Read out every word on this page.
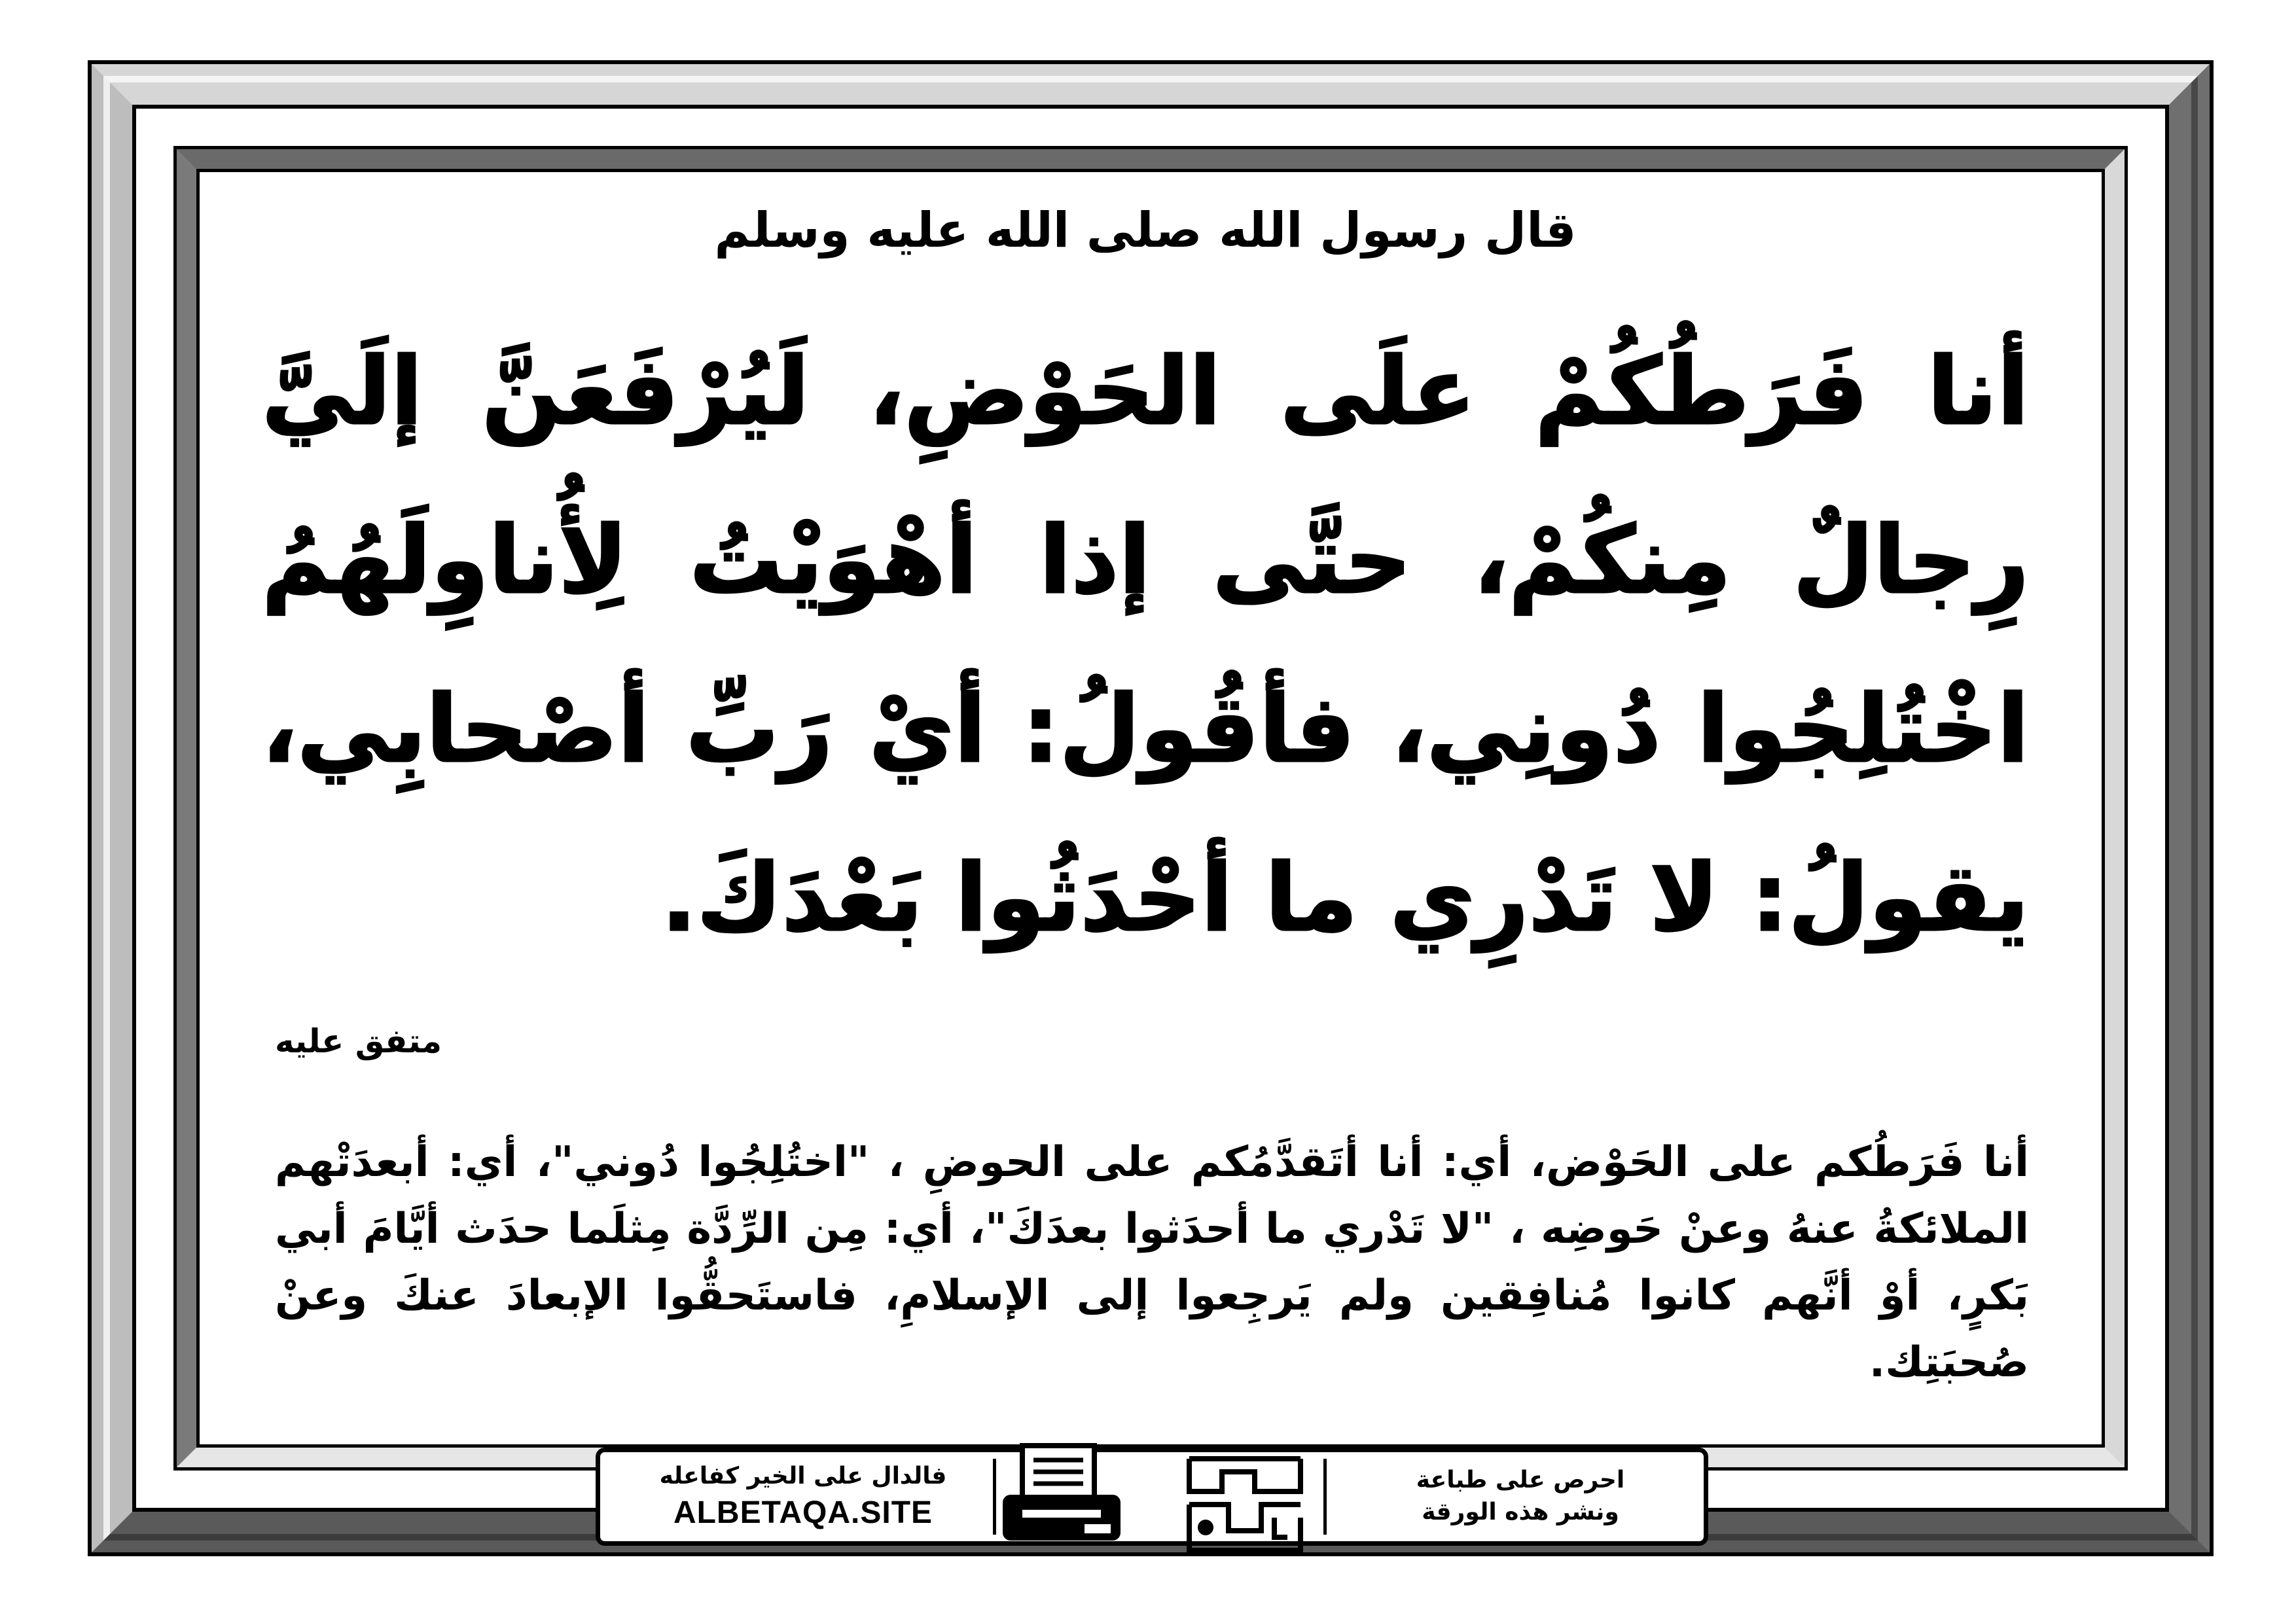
قال رسول الله صلى الله عليه وسلم
أنا فَرَطُكُمْ علَى الحَوْضِ، لَيُرْفَعَنَّ إلَيَّ رِجالٌ مِنكُمْ، حتَّى إذا أهْوَيْتُ لِأُناوِلَهُمُ اخْتُلِجُوا دُونِي، فأقُولُ: أيْ رَبِّ أصْحابِي، يقولُ: لا تَدْرِي ما أحْدَثُوا بَعْدَكَ.
متفق عليه
أنا فَرَطُكم على الحَوْض، أي: أنا أتَقدَّمُكم على الحوضِ ، "اختُلِجُوا دُوني"، أي: أبعدَتْهم الملائكةُ عنهُ وعنْ حَوضِه ، "لا تَدْري ما أحدَثوا بعدَكَ"، أي: مِن الرِّدَّة مِثلَما حدَث أيَّامَ أبي بَكرٍ، أوْ أنَّهم كانوا مُنافِقين ولم يَرجِعوا إلى الإسلامِ، فاستَحقُّوا الإبعادَ عنكَ وعنْ صُحبَتِك.
فالدال على الخير كفاعله
ALBETAQA.SITE
احرص على طباعة
ونشر هذه الورقة
